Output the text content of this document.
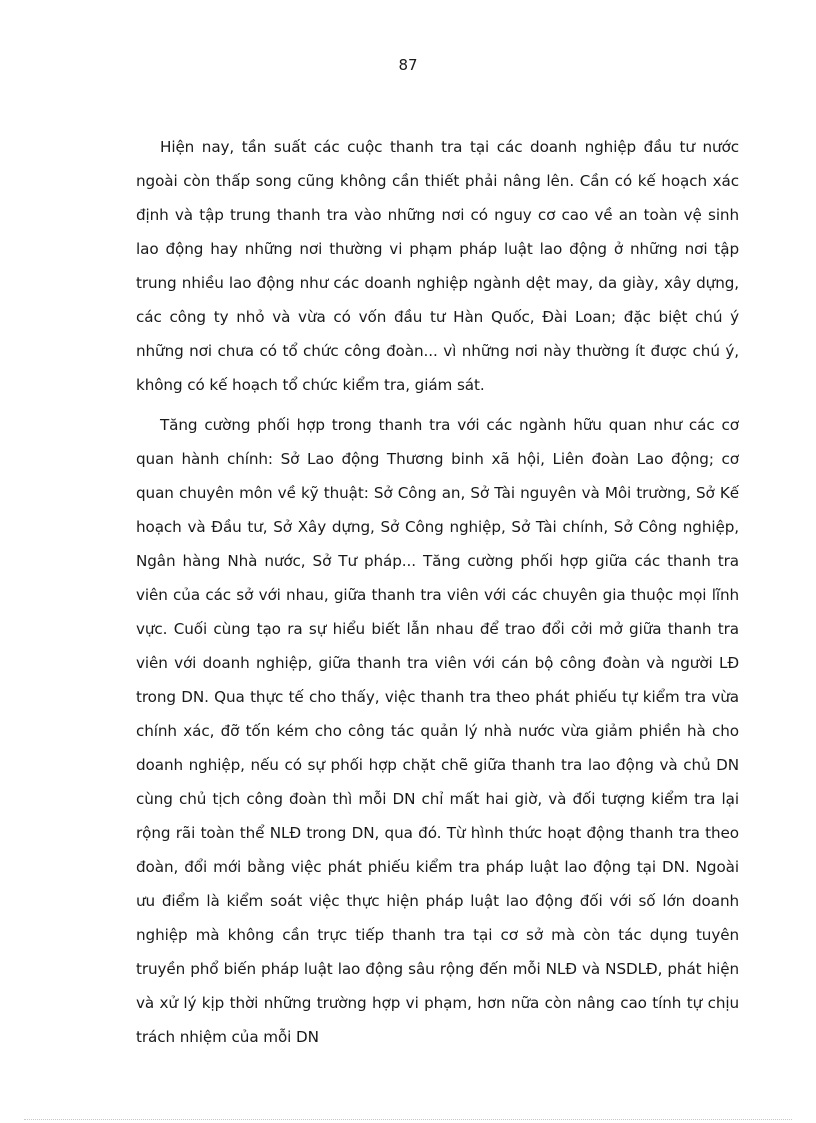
87

Hiện nay, tần suất các cuộc thanh tra tại các doanh nghiệp đầu tư nước ngoài còn thấp song cũng không cần thiết phải nâng lên. Cần có kế hoạch xác định và tập trung thanh tra vào những nơi có nguy cơ cao về an toàn vệ sinh lao động hay những nơi thường vi phạm pháp luật lao động ở những nơi tập trung nhiều lao động như các doanh nghiệp ngành dệt may, da giày, xây dựng, các công ty nhỏ và vừa có vốn đầu tư Hàn Quốc, Đài Loan; đặc biệt chú ý những nơi chưa có tổ chức công đoàn... vì những nơi này thường ít được chú ý, không có kế hoạch tổ chức kiểm tra, giám sát.

Tăng cường phối hợp trong thanh tra với các ngành hữu quan như các cơ quan hành chính: Sở Lao động Thương binh xã hội, Liên đoàn Lao động; cơ quan chuyên môn về kỹ thuật: Sở Công an, Sở Tài nguyên và Môi trường, Sở Kế hoạch và Đầu tư, Sở Xây dựng, Sở Công nghiệp, Sở Tài chính, Sở Công nghiệp, Ngân hàng Nhà nước, Sở Tư pháp... Tăng cường phối hợp giữa các thanh tra viên của các sở với nhau, giữa thanh tra viên với các chuyên gia thuộc mọi lĩnh vực. Cuối cùng tạo ra sự hiểu biết lẫn nhau để trao đổi cởi mở giữa thanh tra viên với doanh nghiệp, giữa thanh tra viên với cán bộ công đoàn và người LĐ trong DN. Qua thực tế cho thấy, việc thanh tra theo phát phiếu tự kiểm tra vừa chính xác, đỡ tốn kém cho công tác quản lý nhà nước vừa giảm phiền hà cho doanh nghiệp, nếu có sự phối hợp chặt chẽ giữa thanh tra lao động và chủ DN cùng chủ tịch công đoàn thì mỗi DN chỉ mất hai giờ, và đối tượng kiểm tra lại rộng rãi toàn thể NLĐ trong DN, qua đó. Từ hình thức hoạt động thanh tra theo đoàn, đổi mới bằng việc phát phiếu kiểm tra pháp luật lao động tại DN. Ngoài ưu điểm là kiểm soát việc thực hiện pháp luật lao động đối với số lớn doanh nghiệp mà không cần trực tiếp thanh tra tại cơ sở mà còn tác dụng tuyên truyền phổ biến pháp luật lao động sâu rộng đến mỗi NLĐ và NSDLĐ, phát hiện và xử lý kịp thời những trường hợp vi phạm, hơn nữa còn nâng cao tính tự chịu trách nhiệm của mỗi DN
